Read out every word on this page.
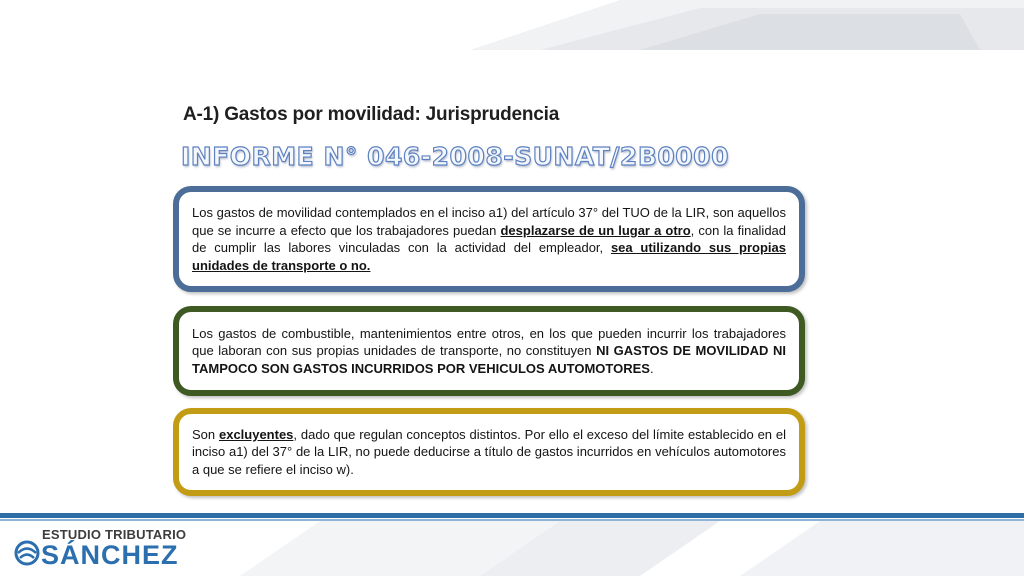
A-1) Gastos por movilidad: Jurisprudencia
INFORME N° 046-2008-SUNAT/2B0000

Los gastos de movilidad contemplados en el inciso a1) del artículo 37° del TUO de la LIR, son aquellos que se incurre a efecto que los trabajadores puedan desplazarse de un lugar a otro, con la finalidad de cumplir las labores vinculadas con la actividad del empleador, sea utilizando sus propias unidades de transporte o no.

Los gastos de combustible, mantenimientos entre otros, en los que pueden incurrir los trabajadores que laboran con sus propias unidades de transporte, no constituyen NI GASTOS DE MOVILIDAD NI TAMPOCO SON GASTOS INCURRIDOS POR VEHICULOS AUTOMOTORES.

Son excluyentes, dado que regulan conceptos distintos. Por ello el exceso del límite establecido en el inciso a1) del 37° de la LIR, no puede deducirse a título de gastos incurridos en vehículos automotores a que se refiere el inciso w).

ESTUDIO TRIBUTARIO
SÁNCHEZ
